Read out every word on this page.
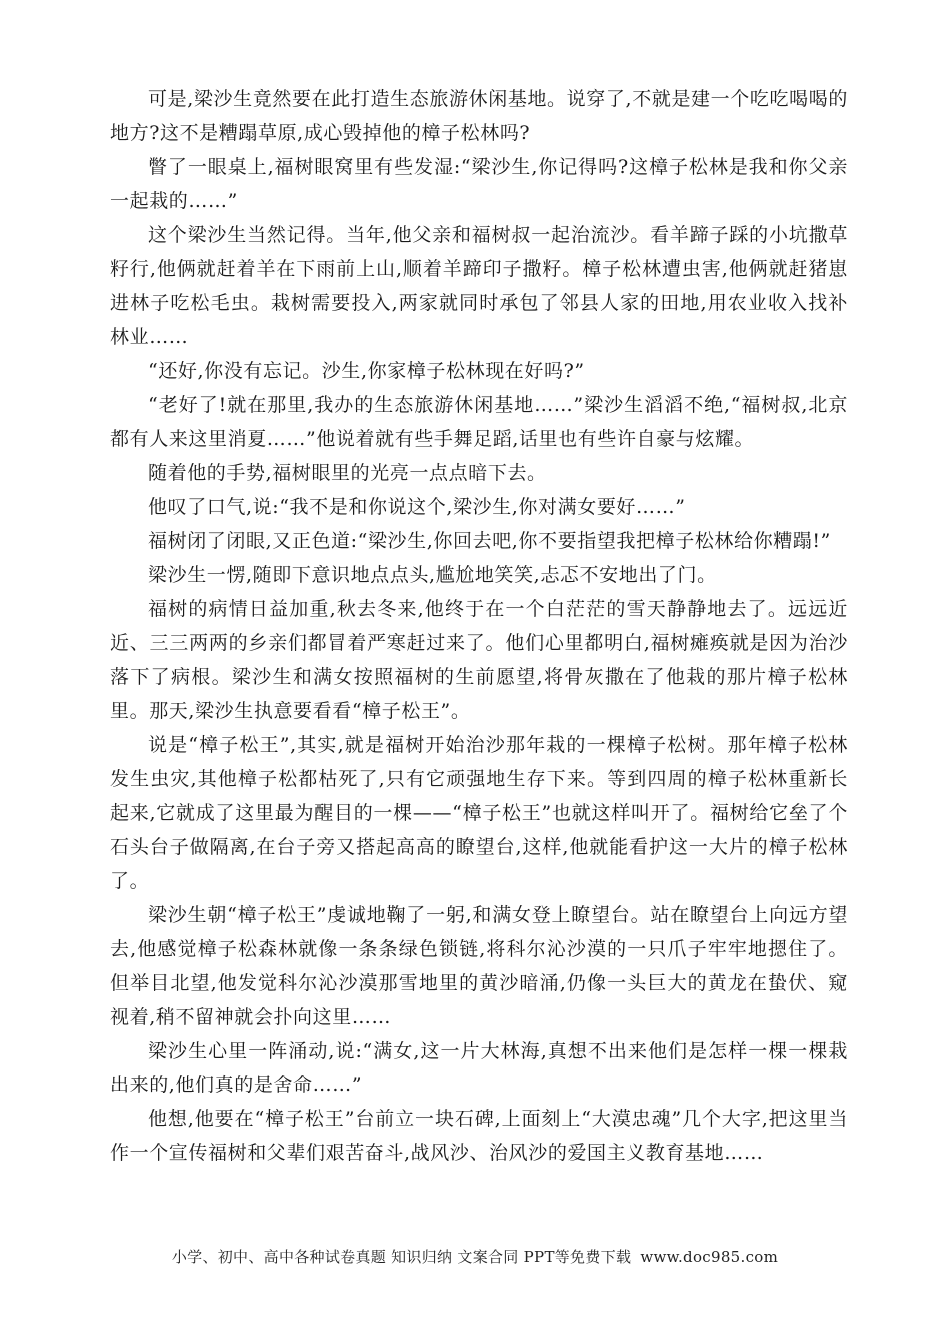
可是,梁沙生竟然要在此打造生态旅游休闲基地。说穿了,不就是建一个吃吃喝喝的地方?这不是糟蹋草原,成心毁掉他的樟子松林吗?

瞥了一眼桌上,福树眼窝里有些发湿:“梁沙生,你记得吗?这樟子松林是我和你父亲一起栽的……”

这个梁沙生当然记得。当年,他父亲和福树叔一起治流沙。看羊蹄子踩的小坑撒草籽行,他俩就赶着羊在下雨前上山,顺着羊蹄印子撒籽。樟子松林遭虫害,他俩就赶猪崽进林子吃松毛虫。栽树需要投入,两家就同时承包了邻县人家的田地,用农业收入找补林业……

“还好,你没有忘记。沙生,你家樟子松林现在好吗?”

“老好了!就在那里,我办的生态旅游休闲基地……”梁沙生滔滔不绝,“福树叔,北京都有人来这里消夏……”他说着就有些手舞足蹈,话里也有些许自豪与炫耀。

随着他的手势,福树眼里的光亮一点点暗下去。

他叹了口气,说:“我不是和你说这个,梁沙生,你对满女要好……”

福树闭了闭眼,又正色道:“梁沙生,你回去吧,你不要指望我把樟子松林给你糟蹋!”

梁沙生一愣,随即下意识地点点头,尴尬地笑笑,忐忑不安地出了门。

福树的病情日益加重,秋去冬来,他终于在一个白茫茫的雪天静静地去了。远远近近、三三两两的乡亲们都冒着严寒赶过来了。他们心里都明白,福树瘫痪就是因为治沙落下了病根。梁沙生和满女按照福树的生前愿望,将骨灰撒在了他栽的那片樟子松林里。那天,梁沙生执意要看看“樟子松王”。

说是“樟子松王”,其实,就是福树开始治沙那年栽的一棵樟子松树。那年樟子松林发生虫灾,其他樟子松都枯死了,只有它顽强地生存下来。等到四周的樟子松林重新长起来,它就成了这里最为醒目的一棵——“樟子松王”也就这样叫开了。福树给它垒了个石头台子做隔离,在台子旁又搭起高高的瞭望台,这样,他就能看护这一大片的樟子松林了。

梁沙生朝“樟子松王”虔诚地鞠了一躬,和满女登上瞭望台。站在瞭望台上向远方望去,他感觉樟子松森林就像一条条绿色锁链,将科尔沁沙漠的一只爪子牢牢地摁住了。但举目北望,他发觉科尔沁沙漠那雪地里的黄沙暗涌,仍像一头巨大的黄龙在蛰伏、窥视着,稍不留神就会扑向这里……

梁沙生心里一阵涌动,说:“满女,这一片大林海,真想不出来他们是怎样一棵一棵栽出来的,他们真的是舍命……”

他想,他要在“樟子松王”台前立一块石碑,上面刻上“大漠忠魂”几个大字,把这里当作一个宣传福树和父辈们艰苦奋斗,战风沙、治风沙的爱国主义教育基地……

小学、初中、高中各种试卷真题 知识归纳 文案合同 PPT等免费下载 www.doc985.com
